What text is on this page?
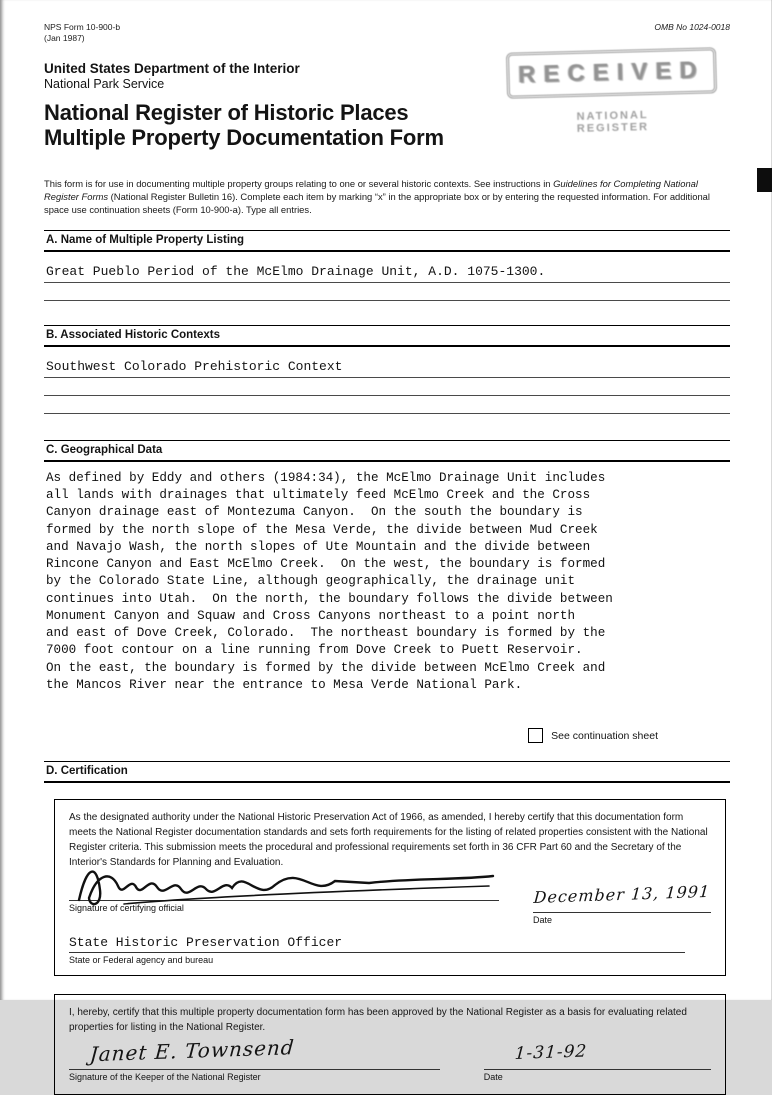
NPS Form 10-900-b
(Jan 1987)
OMB No 1024-0018
RECEIVED
NATIONAL
REGISTER
United States Department of the Interior
National Park Service
National Register of Historic Places
Multiple Property Documentation Form

This form is for use in documenting multiple property groups relating to one or several historic contexts. See instructions in Guidelines for Completing National Register Forms (National Register Bulletin 16). Complete each item by marking “x” in the appropriate box or by entering the requested information. For additional space use continuation sheets (Form 10-900-a). Type all entries.

A. Name of Multiple Property Listing
Great Pueblo Period of the McElmo Drainage Unit, A.D. 1075-1300.
B. Associated Historic Contexts
Southwest Colorado Prehistoric Context
C. Geographical Data
As defined by Eddy and others (1984:34), the McElmo Drainage Unit includes
all lands with drainages that ultimately feed McElmo Creek and the Cross
Canyon drainage east of Montezuma Canyon.  On the south the boundary is
formed by the north slope of the Mesa Verde, the divide between Mud Creek
and Navajo Wash, the north slopes of Ute Mountain and the divide between
Rincone Canyon and East McElmo Creek.  On the west, the boundary is formed
by the Colorado State Line, although geographically, the drainage unit
continues into Utah.  On the north, the boundary follows the divide between
Monument Canyon and Squaw and Cross Canyons northeast to a point north
and east of Dove Creek, Colorado.  The northeast boundary is formed by the
7000 foot contour on a line running from Dove Creek to Puett Reservoir.
On the east, the boundary is formed by the divide between McElmo Creek and
the Mancos River near the entrance to Mesa Verde National Park.
See continuation sheet
D. Certification

As the designated authority under the National Historic Preservation Act of 1966, as amended, I hereby certify that this documentation form meets the National Register documentation standards and sets forth requirements for the listing of related properties consistent with the National Register criteria. This submission meets the procedural and professional requirements set forth in 36 CFR Part 60 and the Secretary of the Interior's Standards for Planning and Evaluation.

Signature of certifying official
December 13, 1991
Date
State Historic Preservation Officer
State or Federal agency and bureau

I, hereby, certify that this multiple property documentation form has been approved by the National Register as a basis for evaluating related properties for listing in the National Register.

Janet E. Townsend
Signature of the Keeper of the National Register
1-31-92
Date
